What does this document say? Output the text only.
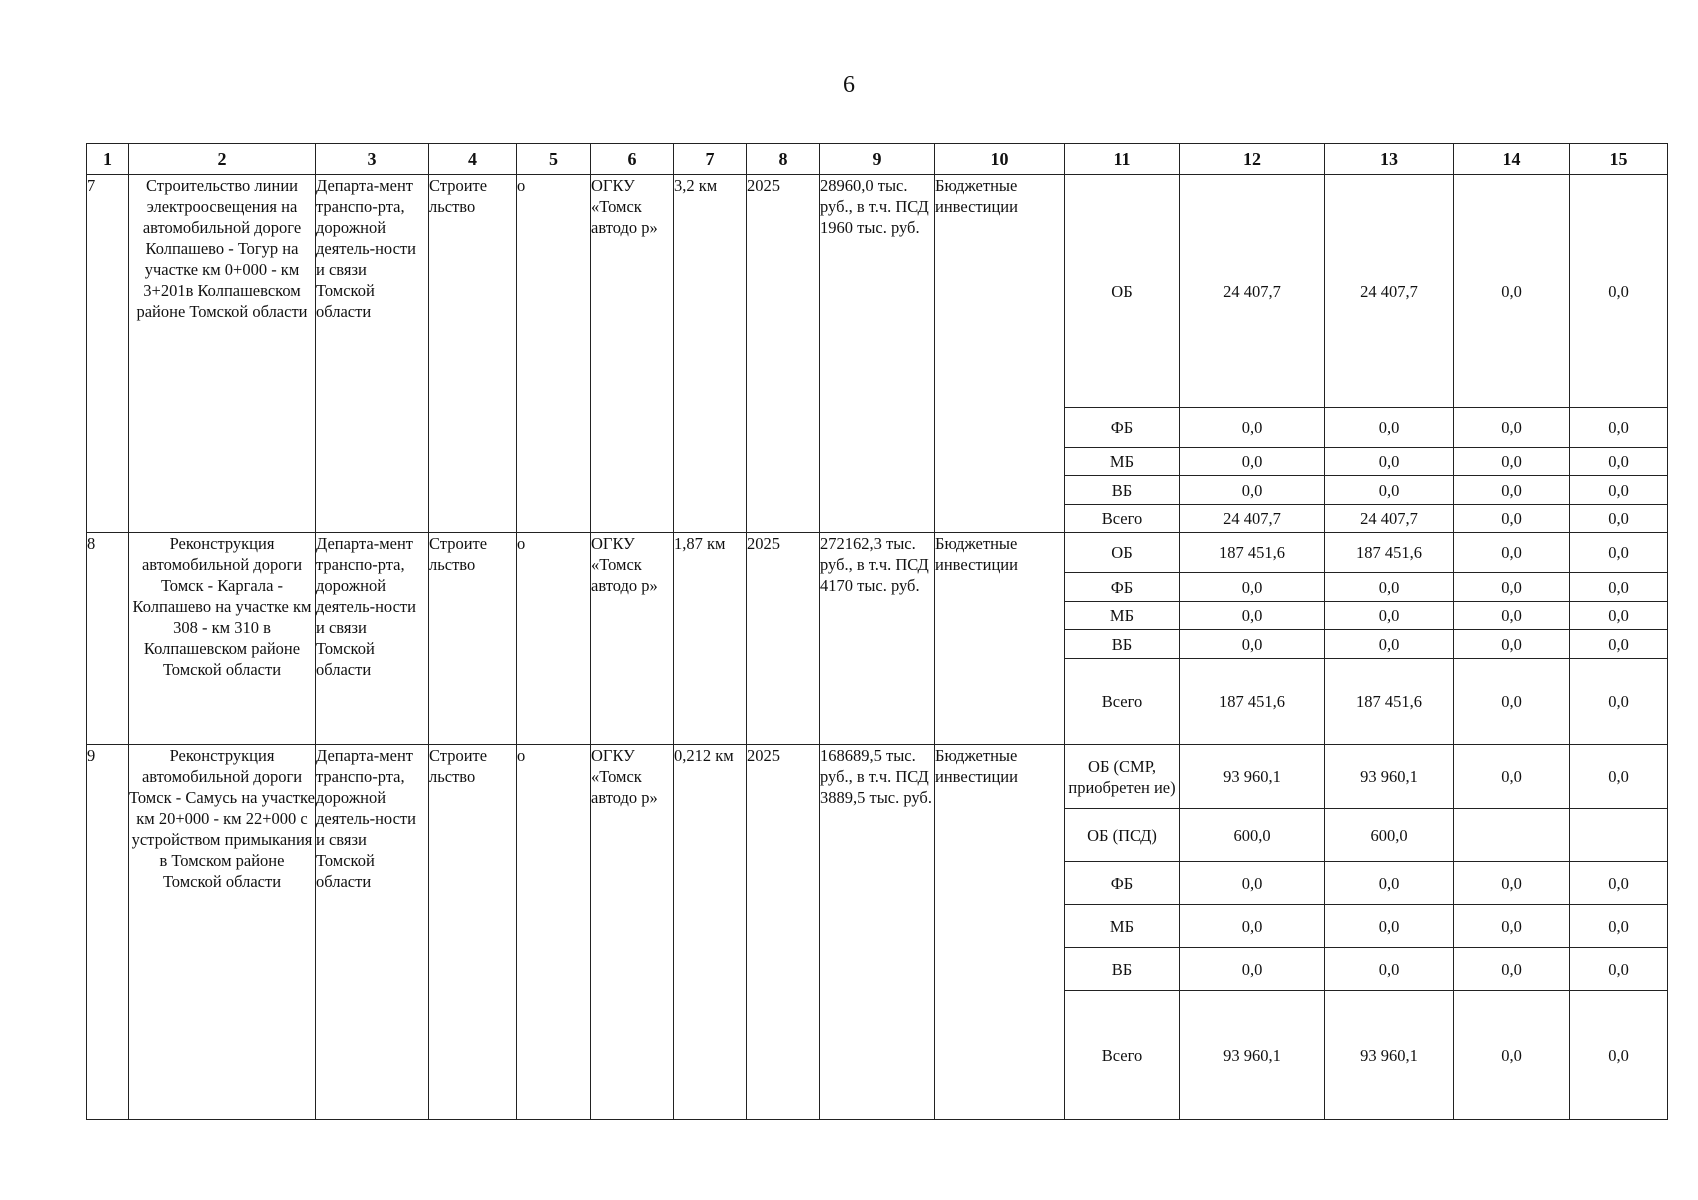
6
1	2	3	4	5	6	7	8	9	10	11	12	13	14	15
7	Строительство линии электроосвещения на автомобильной дороге Колпашево - Тогур на участке км 0+000 - км 3+201в Колпашевском районе Томской области	Департа-мент транспо-рта, дорожной деятель-ности и связи Томской области	Строите льство	о	ОГКУ «Томск автодо р»	3,2 км	2025	28960,0 тыс. руб., в т.ч. ПСД 1960 тыс. руб.	Бюджетные инвестиции	ОБ	24 407,7	24 407,7	0,0	0,0
										ФБ	0,0	0,0	0,0	0,0
										МБ	0,0	0,0	0,0	0,0
										ВБ	0,0	0,0	0,0	0,0
										Всего	24 407,7	24 407,7	0,0	0,0
8	Реконструкция автомобильной дороги Томск - Каргала - Колпашево на участке км 308 - км 310 в Колпашевском районе Томской области	Департа-мент транспо-рта, дорожной деятель-ности и связи Томской области	Строите льство	о	ОГКУ «Томск автодо р»	1,87 км	2025	272162,3 тыс. руб., в т.ч. ПСД 4170 тыс. руб.	Бюджетные инвестиции	ОБ	187 451,6	187 451,6	0,0	0,0
										ФБ	0,0	0,0	0,0	0,0
										МБ	0,0	0,0	0,0	0,0
										ВБ	0,0	0,0	0,0	0,0
										Всего	187 451,6	187 451,6	0,0	0,0
9	Реконструкция автомобильной дороги Томск - Самусь на участке км 20+000 - км 22+000 с устройством примыкания в Томском районе Томской области	Департа-мент транспо-рта, дорожной деятель-ности и связи Томской области	Строите льство	о	ОГКУ «Томск автодо р»	0,212 км	2025	168689,5 тыс. руб., в т.ч. ПСД 3889,5 тыс. руб.	Бюджетные инвестиции	ОБ (СМР, приобретен ие)	93 960,1	93 960,1	0,0	0,0
										ОБ (ПСД)	600,0	600,0		
										ФБ	0,0	0,0	0,0	0,0
										МБ	0,0	0,0	0,0	0,0
										ВБ	0,0	0,0	0,0	0,0
										Всего	93 960,1	93 960,1	0,0	0,0
